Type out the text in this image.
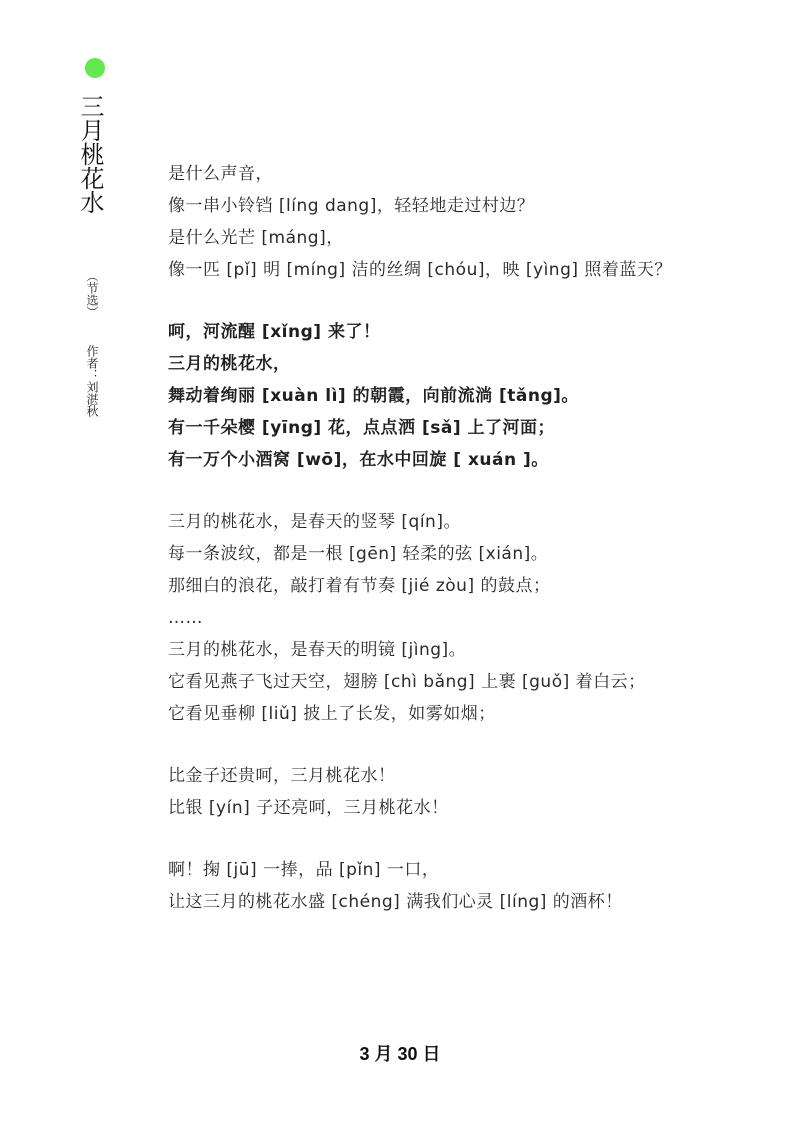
三月桃花水
（节选）
作者：刘湛秋
是什么声音，
像一串小铃铛 [líng dang]，轻轻地走过村边？
是什么光芒 [máng]，
像一匹 [pǐ] 明 [míng] 洁的丝绸 [chóu]，映 [yìng] 照着蓝天？
呵，河流醒 [xǐng] 来了！
三月的桃花水，
舞动着绚丽 [xuàn lì] 的朝霞，向前流淌 [tǎng]。
有一千朵樱 [yīng] 花，点点洒 [sǎ] 上了河面；
有一万个小酒窝 [wō]，在水中回旋 [ xuán ]。
三月的桃花水，是春天的竖琴 [qín]。
每一条波纹，都是一根 [gēn] 轻柔的弦 [xián]。
那细白的浪花，敲打着有节奏 [jié zòu] 的鼓点；
……
三月的桃花水，是春天的明镜 [jìng]。
它看见燕子飞过天空，翅膀 [chì bǎng] 上裹 [guǒ] 着白云；
它看见垂柳 [liǔ] 披上了长发，如雾如烟；
比金子还贵呵，三月桃花水！
比银 [yín] 子还亮呵，三月桃花水！
啊！掬 [jū] 一捧，品 [pǐn] 一口，
让这三月的桃花水盛 [chéng] 满我们心灵 [líng] 的酒杯！
3 月 30 日
